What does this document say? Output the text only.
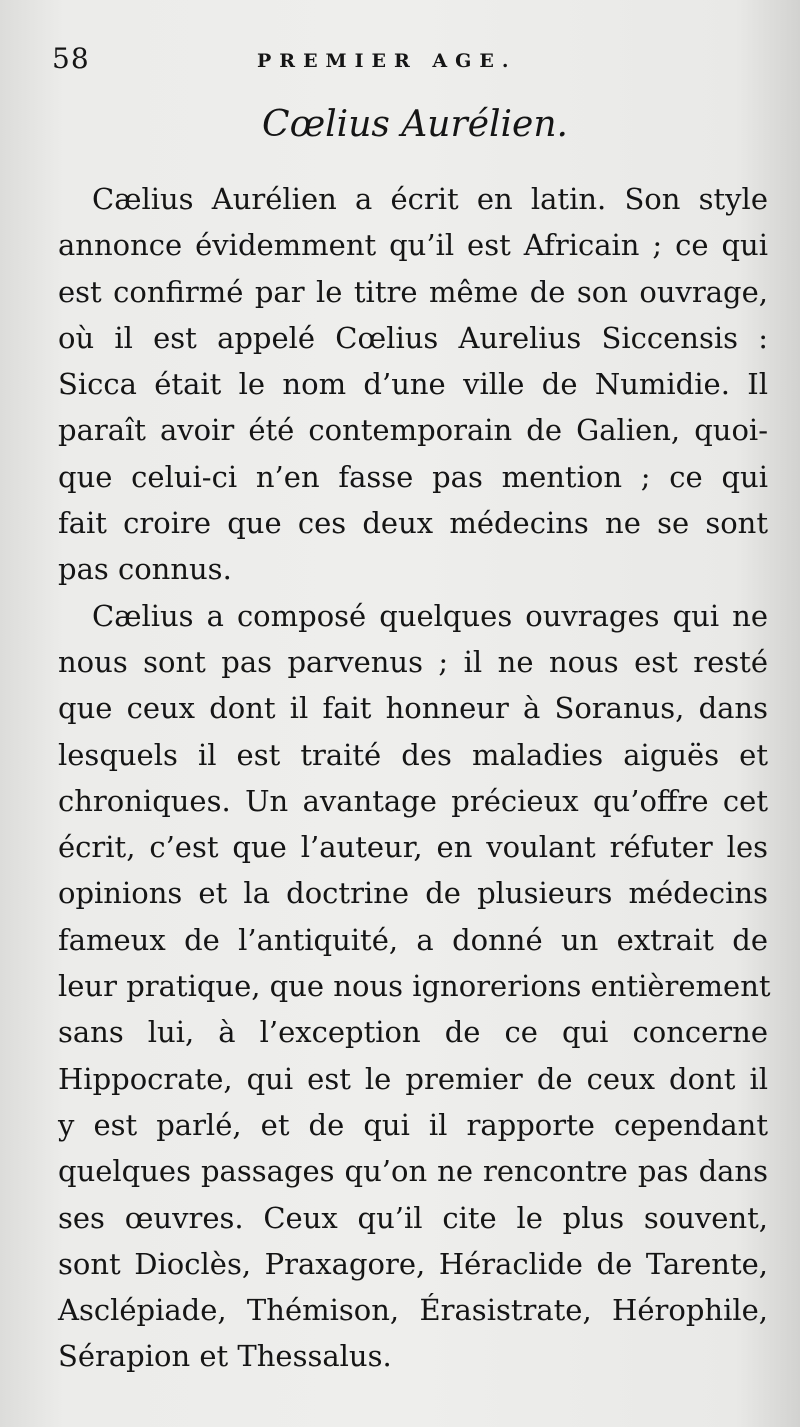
58	PREMIER AGE.
Cœlius Aurélien.
Cælius Aurélien a écrit en latin. Son style
annonce évidemment qu’il est Africain ; ce qui
est confirmé par le titre même de son ouvrage,
où il est appelé Cœlius Aurelius Siccensis :
Sicca était le nom d’une ville de Numidie. Il
paraît avoir été contemporain de Galien, quoi-
que celui-ci n’en fasse pas mention ; ce qui
fait croire que ces deux médecins ne se sont
pas connus.
Cælius a composé quelques ouvrages qui ne
nous sont pas parvenus ; il ne nous est resté
que ceux dont il fait honneur à Soranus, dans
lesquels il est traité des maladies aiguës et
chroniques. Un avantage précieux qu’offre cet
écrit, c’est que l’auteur, en voulant réfuter les
opinions et la doctrine de plusieurs médecins
fameux de l’antiquité, a donné un extrait de
leur pratique, que nous ignorerions entièrement
sans lui, à l’exception de ce qui concerne
Hippocrate, qui est le premier de ceux dont il
y est parlé, et de qui il rapporte cependant
quelques passages qu’on ne rencontre pas dans
ses œuvres. Ceux qu’il cite le plus souvent,
sont Dioclès, Praxagore, Héraclide de Tarente,
Asclépiade, Thémison, Érasistrate, Hérophile,
Sérapion et Thessalus.
